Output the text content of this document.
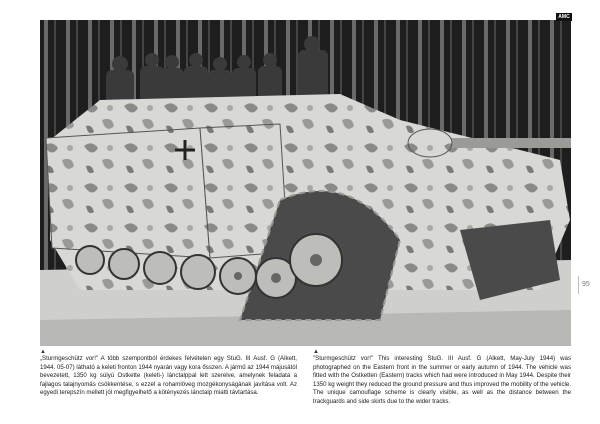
AMC
95
▲	▲
„Sturmgeschütz vor!” A több szempontból érdekes felvételen egy StuG. III Ausf. G (Alkett, 1944. 05-07) látható a keleti fronton 1944 nyarán vagy kora ősszen. A jármű az 1944 májusától bevezetett, 1350 kg súlyú Ostkette (keleti-) lánctalppal lett szerelve, amelynek feladata a fajlagos talajnyomás csökkentése, s ezzel a rohamlöveg mozgékonyságának javítása volt. Az egyedi terepszín mellett jól megfigyelhető a kötényezés lánctalp miatti távtartása.
"Sturmgeschütz vor!" This interesting StuG. III Ausf. G (Alkett, May-July 1944) was photographed on the Eastern front in the summer or early autumn of 1944. The vehicle was fitted with the Ostketten (Eastern) tracks which had were introduced in May 1944. Despite their 1350 kg weight they reduced the ground pressure and thus improved the mobility of the vehicle. The unique camouflage scheme is clearly visible, as well as the distance between the trackguards and side skirts due to the wider tracks.
